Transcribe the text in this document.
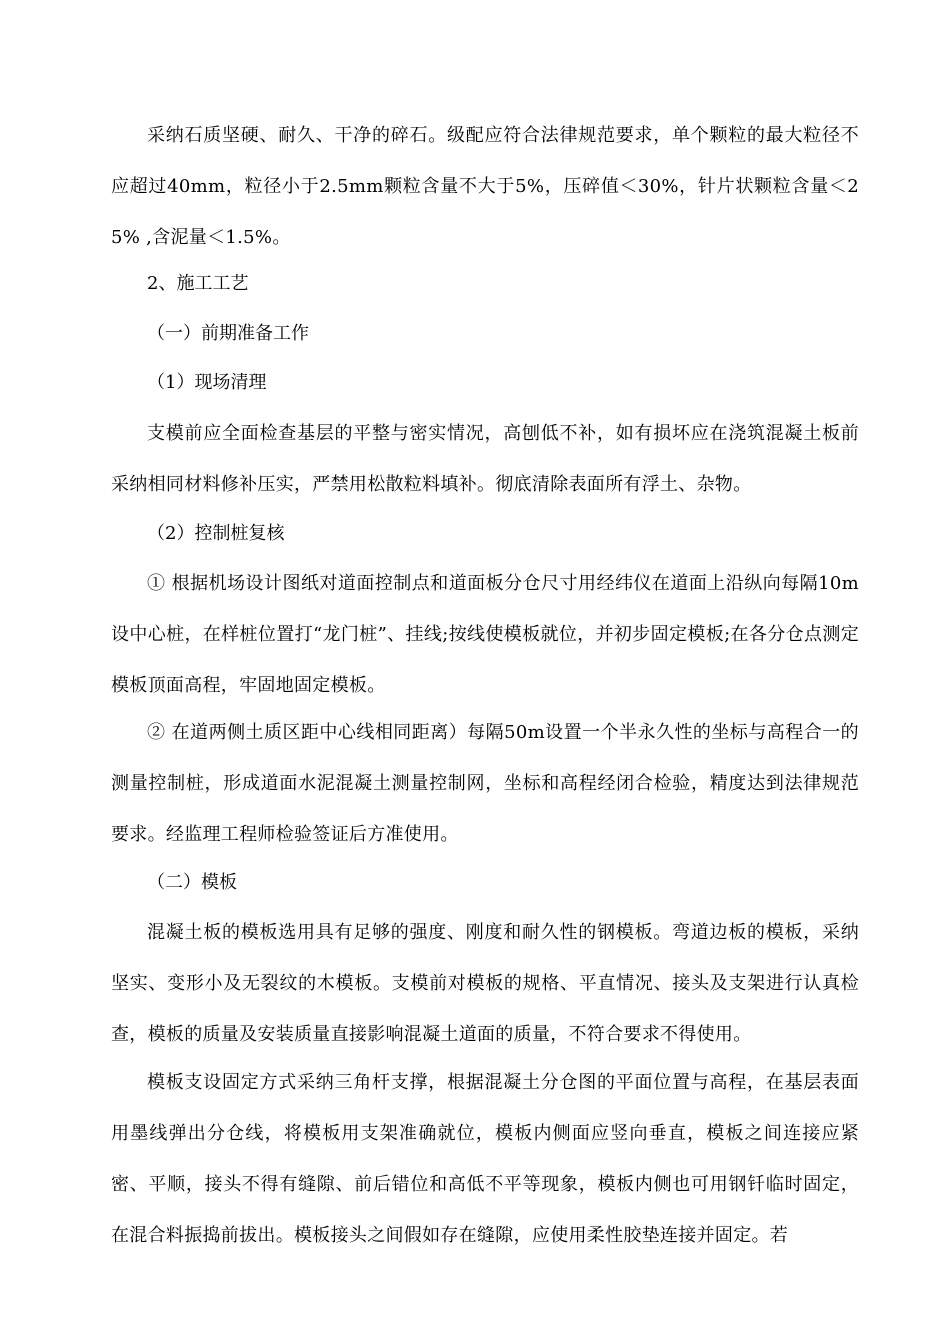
采纳石质坚硬、耐久、干净的碎石。级配应符合法律规范要求，单个颗粒的最大粒径不应超过40mm，粒径小于2.5mm颗粒含量不大于5%，压碎值＜30%，针片状颗粒含量＜25% ,含泥量＜1.5%。

2、施工工艺

（一）前期准备工作

（1）现场清理

支模前应全面检查基层的平整与密实情况，高刨低不补，如有损坏应在浇筑混凝土板前采纳相同材料修补压实，严禁用松散粒料填补。彻底清除表面所有浮土、杂物。

（2）控制桩复核

① 根据机场设计图纸对道面控制点和道面板分仓尺寸用经纬仪在道面上沿纵向每隔10m设中心桩，在样桩位置打“龙门桩”、挂线;按线使模板就位，并初步固定模板;在各分仓点测定模板顶面高程，牢固地固定模板。

② 在道两侧土质区距中心线相同距离）每隔50m设置一个半永久性的坐标与高程合一的测量控制桩，形成道面水泥混凝土测量控制网，坐标和高程经闭合检验，精度达到法律规范要求。经监理工程师检验签证后方准使用。

（二）模板

混凝土板的模板选用具有足够的强度、刚度和耐久性的钢模板。弯道边板的模板，采纳坚实、变形小及无裂纹的木模板。支模前对模板的规格、平直情况、接头及支架进行认真检查，模板的质量及安装质量直接影响混凝土道面的质量，不符合要求不得使用。

模板支设固定方式采纳三角杆支撑，根据混凝土分仓图的平面位置与高程，在基层表面用墨线弹出分仓线，将模板用支架准确就位，模板内侧面应竖向垂直，模板之间连接应紧密、平顺，接头不得有缝隙、前后错位和高低不平等现象，模板内侧也可用钢钎临时固定，在混合料振捣前拔出。模板接头之间假如存在缝隙，应使用柔性胶垫连接并固定。若
